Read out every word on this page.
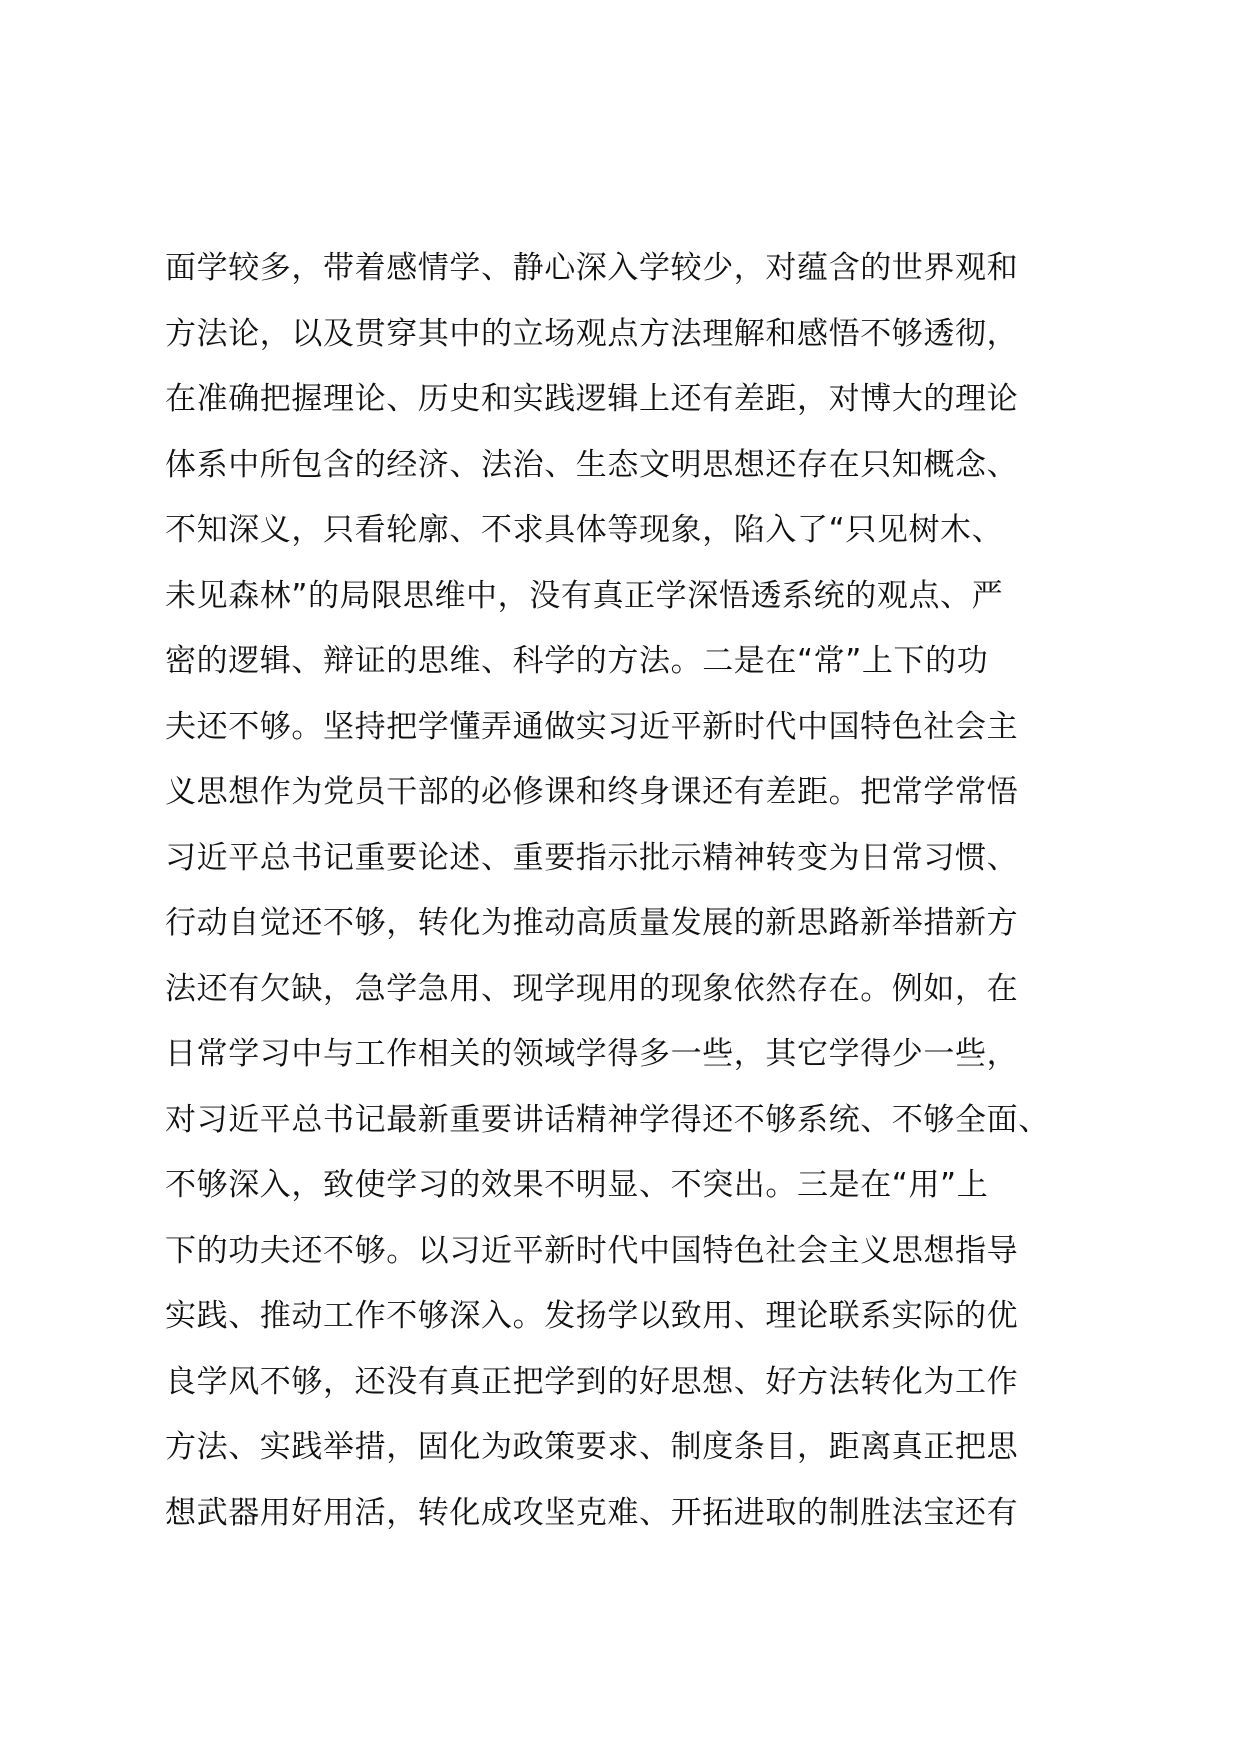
面学较多，带着感情学、静心深入学较少，对蕴含的世界观和
方法论，以及贯穿其中的立场观点方法理解和感悟不够透彻，
在准确把握理论、历史和实践逻辑上还有差距，对博大的理论
体系中所包含的经济、法治、生态文明思想还存在只知概念、
不知深义，只看轮廓、不求具体等现象，陷入了“只见树木、
未见森林”的局限思维中，没有真正学深悟透系统的观点、严
密的逻辑、辩证的思维、科学的方法。二是在“常”上下的功
夫还不够。坚持把学懂弄通做实习近平新时代中国特色社会主
义思想作为党员干部的必修课和终身课还有差距。把常学常悟
习近平总书记重要论述、重要指示批示精神转变为日常习惯、
行动自觉还不够，转化为推动高质量发展的新思路新举措新方
法还有欠缺，急学急用、现学现用的现象依然存在。例如，在
日常学习中与工作相关的领域学得多一些，其它学得少一些，
对习近平总书记最新重要讲话精神学得还不够系统、不够全面、
不够深入，致使学习的效果不明显、不突出。三是在“用”上
下的功夫还不够。以习近平新时代中国特色社会主义思想指导
实践、推动工作不够深入。发扬学以致用、理论联系实际的优
良学风不够，还没有真正把学到的好思想、好方法转化为工作
方法、实践举措，固化为政策要求、制度条目，距离真正把思
想武器用好用活，转化成攻坚克难、开拓进取的制胜法宝还有
